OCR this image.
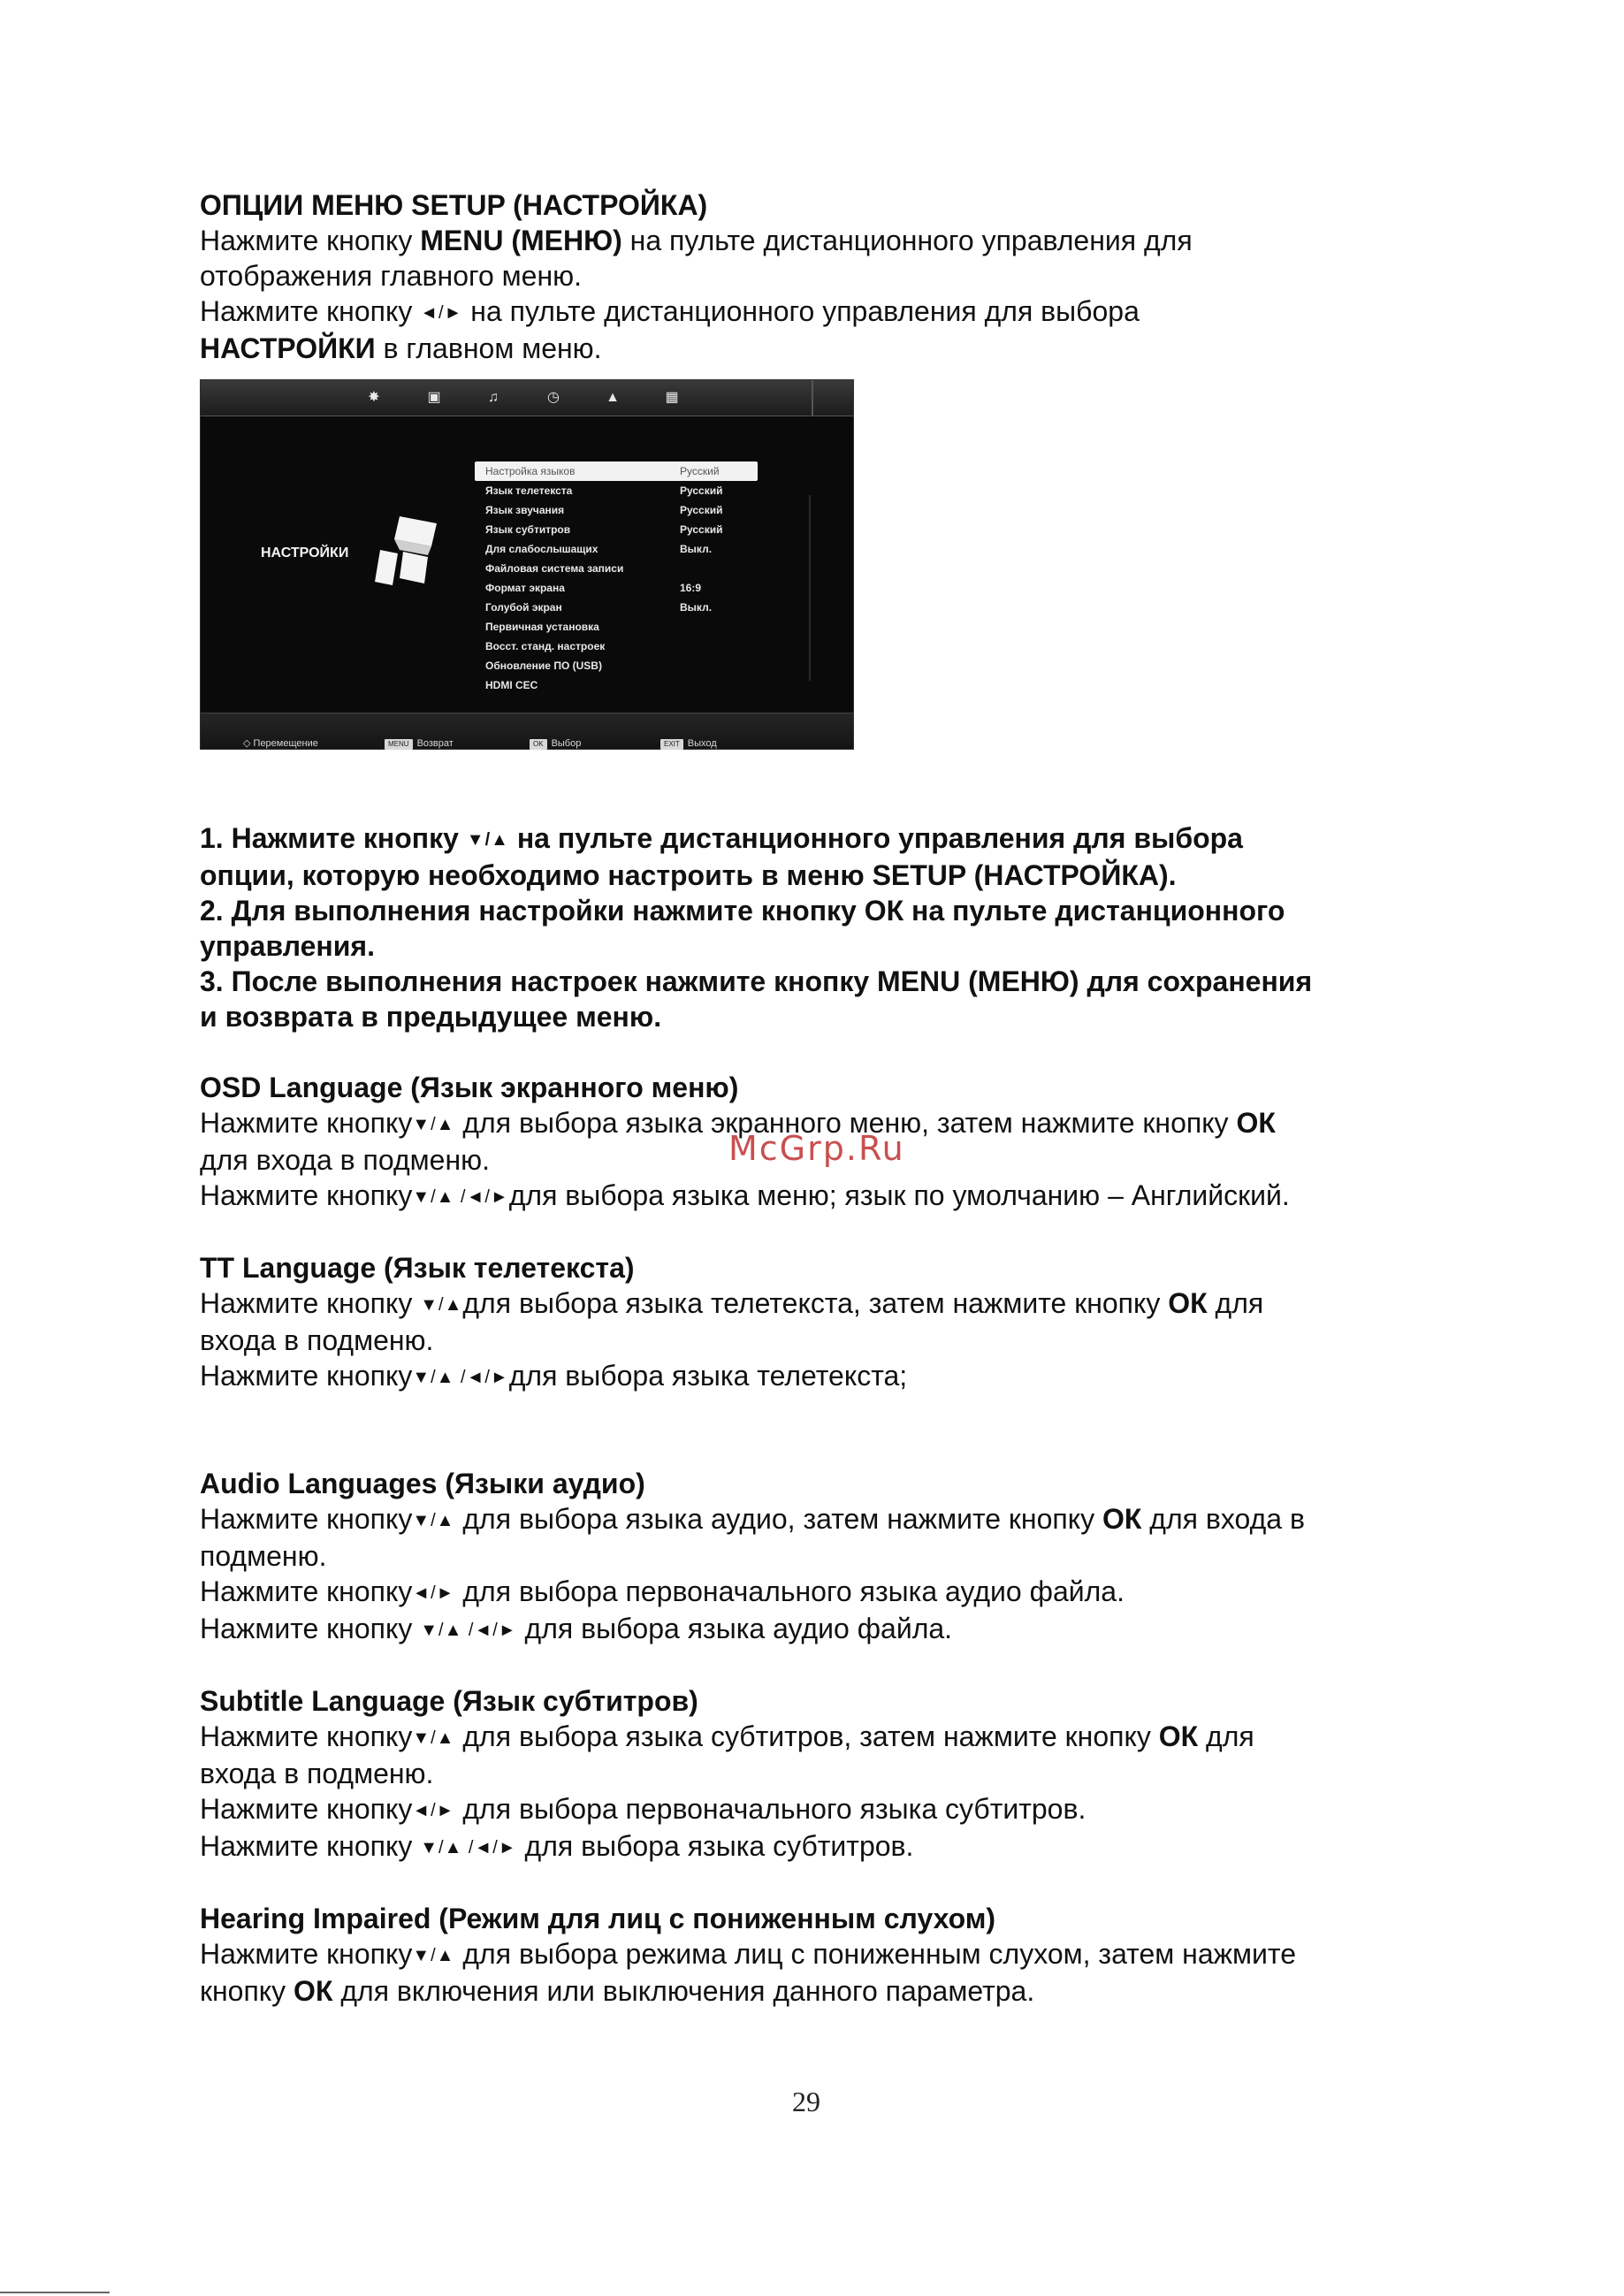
ОПЦИИ МЕНЮ SETUP (НАСТРОЙКА)

Нажмите кнопку MENU (МЕНЮ) на пульте дистанционного управления для

отображения главного меню.

Нажмите кнопку ◄/► на пульте дистанционного управления для выбора

НАСТРОЙКИ в главном меню.

✸	▣	♫	◷	▲	▦
НАСТРОЙКИ
Настройка языков	Русский
Язык телетекста	Русский
Язык звучания	Русский
Язык субтитров	Русский
Для слабослышащих	Выкл.
Файловая система записи
Формат экрана	16:9
Голубой экран	Выкл.
Первичная установка
Восст. станд. настроек
Обновление ПО (USB)
HDMI CEC
◇ Перемещение	MENU Возврат	OK Выбор	EXIT Выход

1. Нажмите кнопку ▼/▲ на пульте дистанционного управления для выбора

опции, которую необходимо настроить в меню SETUP (НАСТРОЙКА).

2. Для выполнения настройки нажмите кнопку ОК на пульте дистанционного

управления.

3. После выполнения настроек нажмите кнопку MENU (МЕНЮ) для сохранения

и возврата в предыдущее меню.

OSD Language (Язык экранного меню)

Нажмите кнопку▼/▲ для выбора языка экранного меню, затем нажмите кнопку ОК

для входа в подменю.

Нажмите кнопку▼/▲ /◄/►для выбора языка меню; язык по умолчанию – Английский.

TT Language (Язык телетекста)

Нажмите кнопку ▼/▲для выбора языка телетекста, затем нажмите кнопку ОК для

входа в подменю.

Нажмите кнопку▼/▲ /◄/►для выбора языка телетекста;

Audio Languages (Языки аудио)

Нажмите кнопку▼/▲ для выбора языка аудио, затем нажмите кнопку ОК для входа в

подменю.

Нажмите кнопку◄/► для выбора первоначального языка аудио файла.

Нажмите кнопку ▼/▲ /◄/► для выбора языка аудио файла.

Subtitle Language (Язык субтитров)

Нажмите кнопку▼/▲ для выбора языка субтитров, затем нажмите кнопку ОК для

входа в подменю.

Нажмите кнопку◄/► для выбора первоначального языка субтитров.

Нажмите кнопку ▼/▲ /◄/► для выбора языка субтитров.

Hearing Impaired (Режим для лиц с пониженным слухом)

Нажмите кнопку▼/▲ для выбора режима лиц с пониженным слухом, затем нажмите

кнопку ОК для включения или выключения данного параметра.

McGrp.Ru
29
